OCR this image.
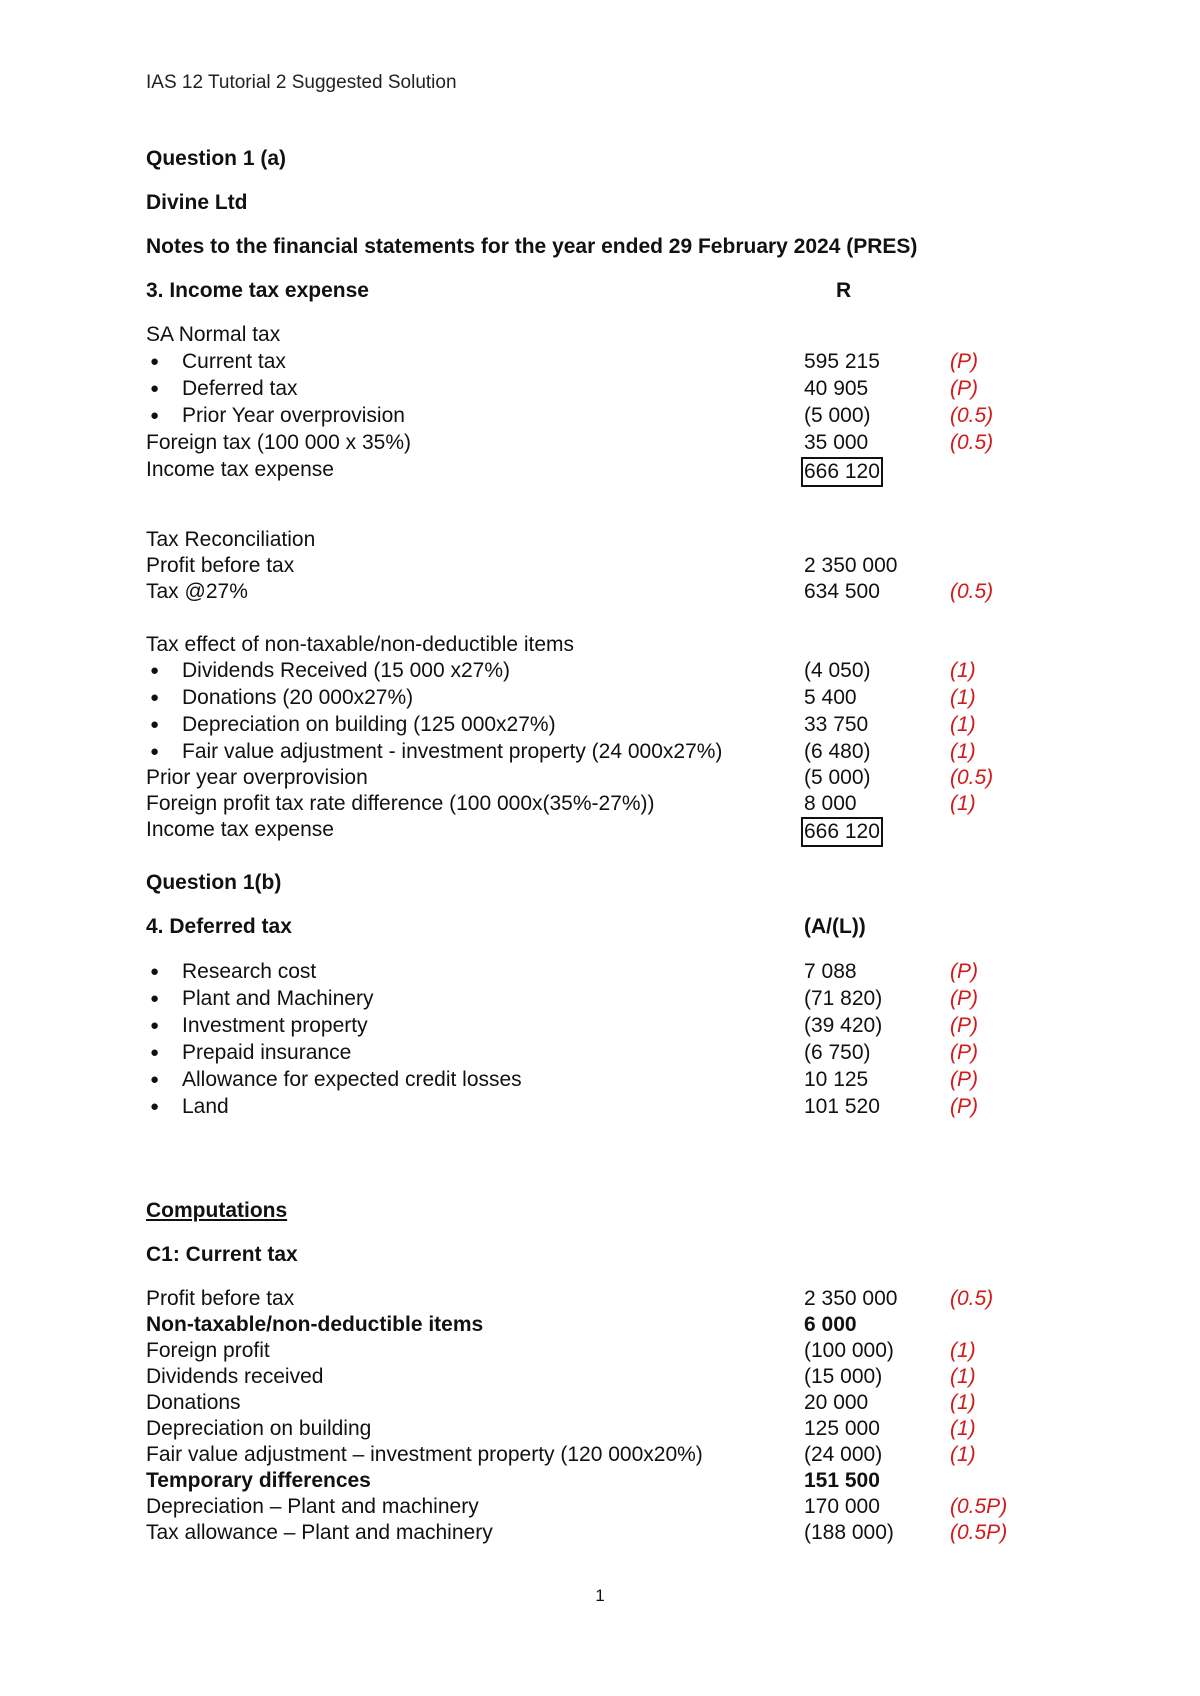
IAS 12 Tutorial 2 Suggested Solution
Question 1 (a)
Divine Ltd
Notes to the financial statements for the year ended 29 February 2024 (PRES)
3. Income tax expense	R
SA Normal tax
● Current tax	595 215	(P)
● Deferred tax	40 905	(P)
● Prior Year overprovision	(5 000)	(0.5)
Foreign tax (100 000 x 35%)	35 000	(0.5)
Income tax expense	666 120
Tax Reconciliation
Profit before tax	2 350 000
Tax @27%	634 500	(0.5)
Tax effect of non-taxable/non-deductible items
● Dividends Received (15 000 x27%)	(4 050)	(1)
● Donations (20 000x27%)	5 400	(1)
● Depreciation on building (125 000x27%)	33 750	(1)
● Fair value adjustment - investment property (24 000x27%)	(6 480)	(1)
Prior year overprovision	(5 000)	(0.5)
Foreign profit tax rate difference (100 000x(35%-27%))	8 000	(1)
Income tax expense	666 120
Question 1(b)
4. Deferred tax	(A/(L))
● Research cost	7 088	(P)
● Plant and Machinery	(71 820)	(P)
● Investment property	(39 420)	(P)
● Prepaid insurance	(6 750)	(P)
● Allowance for expected credit losses	10 125	(P)
● Land	101 520	(P)
Computations
C1: Current tax
Profit before tax	2 350 000	(0.5)
Non-taxable/non-deductible items	6 000
Foreign profit	(100 000)	(1)
Dividends received	(15 000)	(1)
Donations	20 000	(1)
Depreciation on building	125 000	(1)
Fair value adjustment – investment property (120 000x20%)	(24 000)	(1)
Temporary differences	151 500
Depreciation – Plant and machinery	170 000	(0.5P)
Tax allowance – Plant and machinery	(188 000)	(0.5P)
1
